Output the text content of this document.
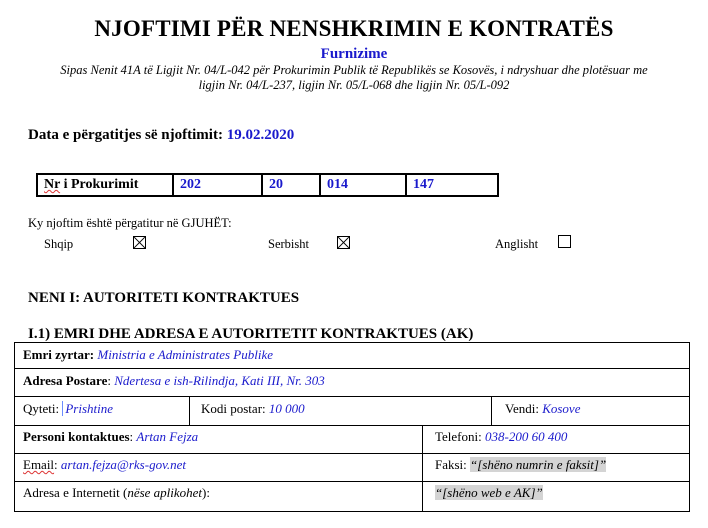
NJOFTIMI PËR NENSHKRIMIN E KONTRATËS
Furnizime
Sipas Nenit 41A të Ligjit Nr. 04/L-042 për Prokurimin Publik të Republikës se Kosovës, i ndryshuar dhe plotësuar me
ligjin Nr. 04/L-237, ligjin Nr. 05/L-068 dhe ligjin Nr. 05/L-092
Data e përgatitjes së njoftimit: 19.02.2020
Nr i Prokurimit	202	20	014	147
Ky njoftim është përgatitur në GJUHËT:
Shqip	Serbisht	Anglisht
NENI I: AUTORITETI KONTRAKTUES
I.1) EMRI DHE ADRESA E AUTORITETIT KONTRAKTUES (AK)
Emri zyrtar: Ministria e Administrates Publike
Adresa Postare: Ndertesa e ish-Rilindja, Kati III, Nr. 303
Qyteti: Prishtine	Kodi postar: 10 000	Vendi: Kosove
Personi kontaktues: Artan Fejza	Telefoni: 038-200 60 400
Email: artan.fejza@rks-gov.net	Faksi: “[shëno numrin e faksit]”
Adresa e Internetit (nëse aplikohet):	“[shëno web e AK]”
